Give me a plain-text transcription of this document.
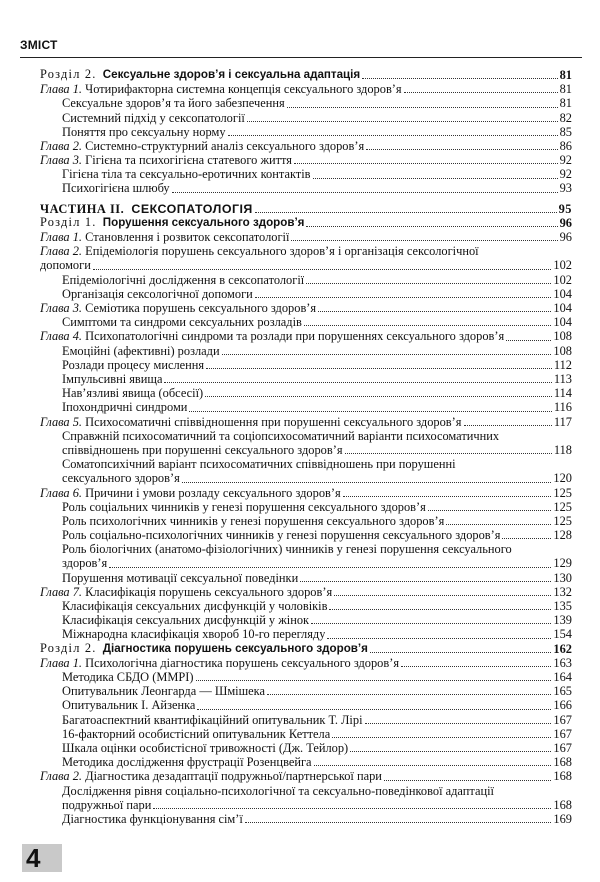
ЗМІСТ
Розділ 2. Сексуальне здоров’я і сексуальна адаптація	81
Глава 1. Чотирифакторна системна концепція сексуального здоров’я	81
Сексуальне здоров’я та його забезпечення	81
Системний підхід у сексопатології	82
Поняття про сексуальну норму	85
Глава 2. Системно-структурний аналіз сексуального здоров’я	86
Глава 3. Гігієна та психогігієна статевого життя	92
Гігієна тіла та сексуально-еротичних контактів	92
Психогігієна шлюбу	93
ЧАСТИНА ІІ. СЕКСОПАТОЛОГІЯ	95
Розділ 1. Порушення сексуального здоров’я	96
Глава 1. Становлення і розвиток сексопатології	96
Глава 2. Епідеміологія порушень сексуального здоров’я і організація сексологічної
допомоги	102
Епідеміологічні дослідження в сексопатології	102
Організація сексологічної допомоги	104
Глава 3. Семіотика порушень сексуального здоров’я	104
Симптоми та синдроми сексуальних розладів	104
Глава 4. Психопатологічні синдроми та розлади при порушеннях сексуального здоров’я	108
Емоційні (афективні) розлади	108
Розлади процесу мислення	112
Імпульсивні явища	113
Нав’язливі явища (обсесії)	114
Іпохондричні синдроми	116
Глава 5. Психосоматичні співвідношення при порушенні сексуального здоров’я	117
Справжній психосоматичний та соціопсихосоматичний варіанти психосоматичних
співвідношень при порушенні сексуального здоров’я	118
Соматопсихічний варіант психосоматичних співвідношень при порушенні
сексуального здоров’я	120
Глава 6. Причини і умови розладу сексуального здоров’я	125
Роль соціальних чинників у генезі порушення сексуального здоров’я	125
Роль психологічних чинників у генезі порушення сексуального здоров’я	125
Роль соціально-психологічних чинників у генезі порушення сексуального здоров’я	128
Роль біологічних (анатомо-фізіологічних) чинників у генезі порушення сексуального
здоров’я	129
Порушення мотивації сексуальної поведінки	130
Глава 7. Класифікація порушень сексуального здоров’я	132
Класифікація сексуальних дисфункцій у чоловіків	135
Класифікація сексуальних дисфункцій у жінок	139
Міжнародна класифікація хвороб 10-го перегляду	154
Розділ 2. Діагностика порушень сексуального здоров’я	162
Глава 1. Психологічна діагностика порушень сексуального здоров’я	163
Методика СБДО (ММРІ)	164
Опитувальник Леонгарда — Шмішека	165
Опитувальник І. Айзенка	166
Багатоаспектний квантифікаційний опитувальник Т. Лірі	167
16-факторний особистісний опитувальник Кеттела	167
Шкала оцінки особистісної тривожності (Дж. Тейлор)	167
Методика дослідження фрустрації Розенцвейга	168
Глава 2. Діагностика дезадаптації подружньої/партнерської пари	168
Дослідження рівня соціально-психологічної та сексуально-поведінкової адаптації
подружньої пари	168
Діагностика функціонування сім’ї	169
4
